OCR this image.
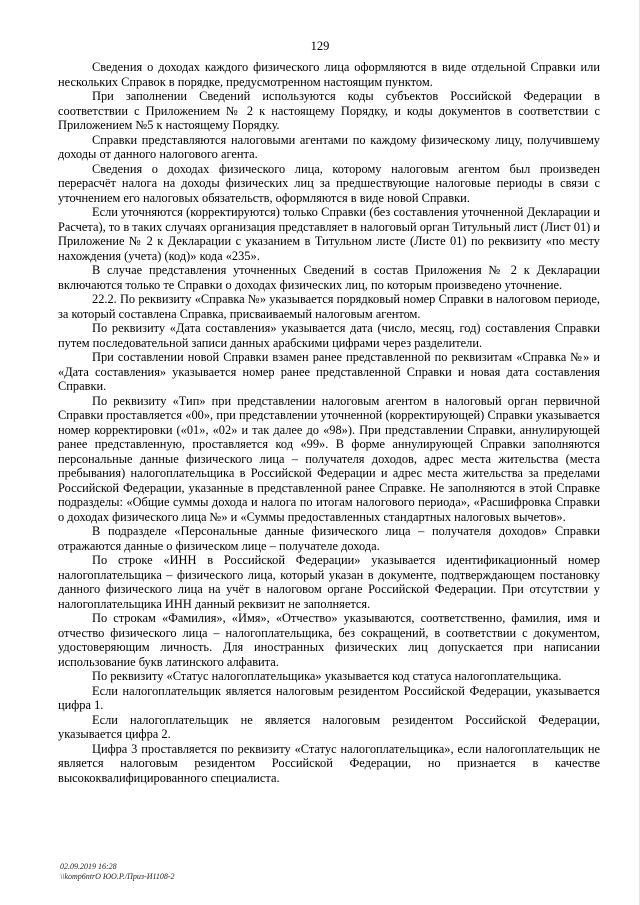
129

Сведения о доходах каждого физического лица оформляются в виде отдельной Справки или нескольких Справок в порядке, предусмотренном настоящим пунктом.

При заполнении Сведений используются коды субъектов Российской Федерации в соответствии с Приложением № 2 к настоящему Порядку, и коды документов в соответствии с Приложением №5 к настоящему Порядку.

Справки представляются налоговыми агентами по каждому физическому лицу, получившему доходы от данного налогового агента.

Сведения о доходах физического лица, которому налоговым агентом был произведен перерасчёт налога на доходы физических лиц за предшествующие налоговые периоды в связи с уточнением его налоговых обязательств, оформляются в виде новой Справки.

Если уточняются (корректируются) только Справки (без составления уточненной Декларации и Расчета), то в таких случаях организация представляет в налоговый орган Титульный лист (Лист 01) и Приложение № 2 к Декларации с указанием в Титульном листе (Листе 01) по реквизиту «по месту нахождения (учета) (код)» кода «235».

В случае представления уточненных Сведений в состав Приложения № 2 к Декларации включаются только те Справки о доходах физических лиц, по которым произведено уточнение.

22.2. По реквизиту «Справка №» указывается порядковый номер Справки в налоговом периоде, за который составлена Справка, присваиваемый налоговым агентом.

По реквизиту «Дата составления» указывается дата (число, месяц, год) составления Справки путем последовательной записи данных арабскими цифрами через разделители.

При составлении новой Справки взамен ранее представленной по реквизитам «Справка №» и «Дата составления» указывается номер ранее представленной Справки и новая дата составления Справки.

По реквизиту «Тип» при представлении налоговым агентом в налоговый орган первичной Справки проставляется «00», при представлении уточненной (корректирующей) Справки указывается номер корректировки («01», «02» и так далее до «98»). При представлении Справки, аннулирующей ранее представленную, проставляется код «99». В форме аннулирующей Справки заполняются персональные данные физического лица – получателя доходов, адрес места жительства (места пребывания) налогоплательщика в Российской Федерации и адрес места жительства за пределами Российской Федерации, указанные в представленной ранее Справке. Не заполняются в этой Справке подразделы: «Общие суммы дохода и налога по итогам налогового периода», «Расшифровка Справки о доходах физического лица №» и «Суммы предоставленных стандартных налоговых вычетов».

В подразделе «Персональные данные физического лица – получателя доходов» Справки отражаются данные о физическом лице – получателе дохода.

По строке «ИНН в Российской Федерации» указывается идентификационный номер налогоплательщика – физического лица, который указан в документе, подтверждающем постановку данного физического лица на учёт в налоговом органе Российской Федерации. При отсутствии у налогоплательщика ИНН данный реквизит не заполняется.

По строкам «Фамилия», «Имя», «Отчество» указываются, соответственно, фамилия, имя и отчество физического лица – налогоплательщика, без сокращений, в соответствии с документом, удостоверяющим личность. Для иностранных физических лиц допускается при написании использование букв латинского алфавита.

По реквизиту «Статус налогоплательщика» указывается код статуса налогоплательщика.

Если налогоплательщик является налоговым резидентом Российской Федерации, указывается цифра 1.

Если налогоплательщик не является налоговым резидентом Российской Федерации, указывается цифра 2.

Цифра 3 проставляется по реквизиту «Статус налогоплательщика», если налогоплательщик не является налоговым резидентом Российской Федерации, но признается в качестве высококвалифицированного специалиста.

02.09.2019 16:28
\\komp6ntrO ЮО.Р./Приз-И1108-2
